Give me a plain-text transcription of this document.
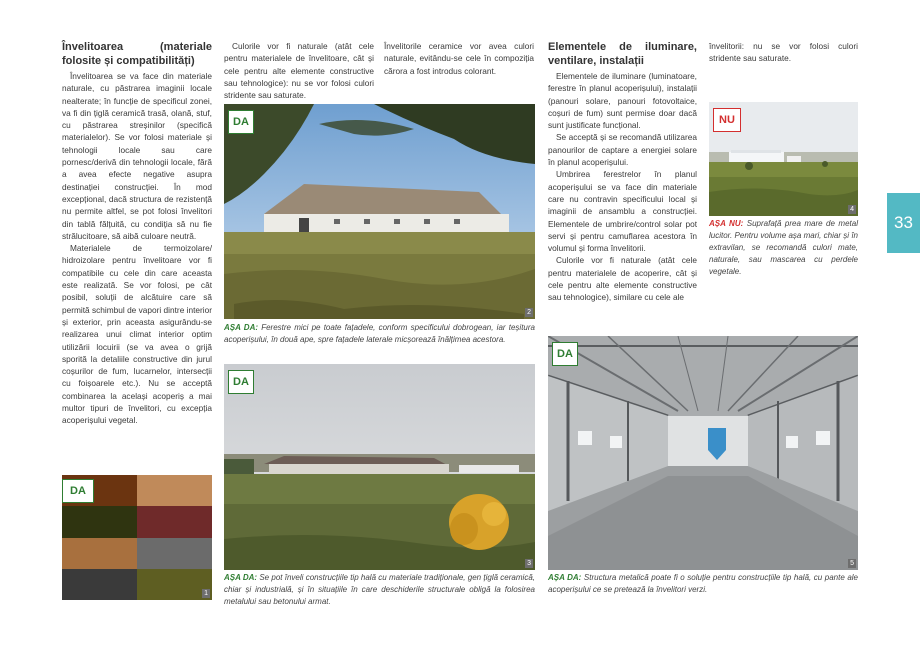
Învelitoarea (materiale
folosite și compatibilități)

Învelitoarea se va face din materiale naturale, cu păstrarea imaginii locale nealterate; în funcție de specificul zonei, va fi din țiglă ceramică trasă, olană, stuf, cu păstrarea streșinilor (specifică materialelor). Se vor folosi materiale și tehnologii locale sau care pornesc/derivă din tehnologii locale, fără a avea efecte negative asupra destinației construcției. În mod excepțional, dacă structura de rezistență nu permite altfel, se pot folosi învelitori din tablă fălțuită, cu condiția să nu fie strălucitoare, să aibă culoare neutră.

Materialele de termoizolare/ hidroizolare pentru învelitoare vor fi compatibile cu cele din care aceasta este realizată. Se vor folosi, pe cât posibil, soluții de alcătuire care să permită schimbul de vapori dintre interior și exterior, prin aceasta asigurându-se realizarea unui climat interior optim utilizării locuirii (se va avea o grijă sporită la detaliile constructive din jurul coșurilor de fum, lucarnelor, intersecții cu foișoarele etc.). Nu se acceptă combinarea la același acoperiș a mai multor tipuri de învelitori, cu excepția acoperișului vegetal.

DA
1

Culorile vor fi naturale (atât cele pentru materialele de învelitoare, cât și cele pentru alte elemente constructive sau tehnologice): nu se vor folosi culori stridente sau saturate.

Învelitorile ceramice vor avea culori naturale, evitându-se cele în compoziția cărora a fost introdus colorant.

DA
2
AȘA DA: Ferestre mici pe toate fațadele, conform specificului dobrogean, iar teșitura acoperișului, în două ape, spre fațadele laterale micșorează înălțimea acestora.
DA
3
AȘA DA: Se pot înveli construcțiile tip hală cu materiale tradiționale, gen țiglă ceramică, chiar și industrială, și în situațiile în care deschiderile structurale obligă la folosirea metalului sau betonului armat.
Elementele de iluminare,
ventilare, instalații

Elementele de iluminare (luminatoare, ferestre în planul acoperișului), instalații (panouri solare, panouri fotovoltaice, coșuri de fum) sunt permise doar dacă sunt justificate funcțional.

Se acceptă și se recomandă utilizarea panourilor de captare a energiei solare în planul acoperișului.

Umbrirea ferestrelor în planul acoperișului se va face din materiale care nu contravin specificului local și imaginii de ansamblu a construcției. Elementele de umbrire/control solar pot servi și pentru camuflarea acestora în volumul și forma învelitorii.

Culorile vor fi naturale (atât cele pentru materialele de acoperire, cât și cele pentru alte elemente constructive sau tehnologice), similare cu cele ale

învelitorii: nu se vor folosi culori stridente sau saturate.

NU
4
AȘA NU: Suprafață prea mare de metal lucitor. Pentru volume așa mari, chiar și în extravilan, se recomandă culori mate, naturale, sau mascarea cu perdele vegetale.
DA
5
AȘA DA: Structura metalică poate fi o soluție pentru construcțiile tip hală, cu pante ale acoperișului ce se pretează la învelitori verzi.
33
